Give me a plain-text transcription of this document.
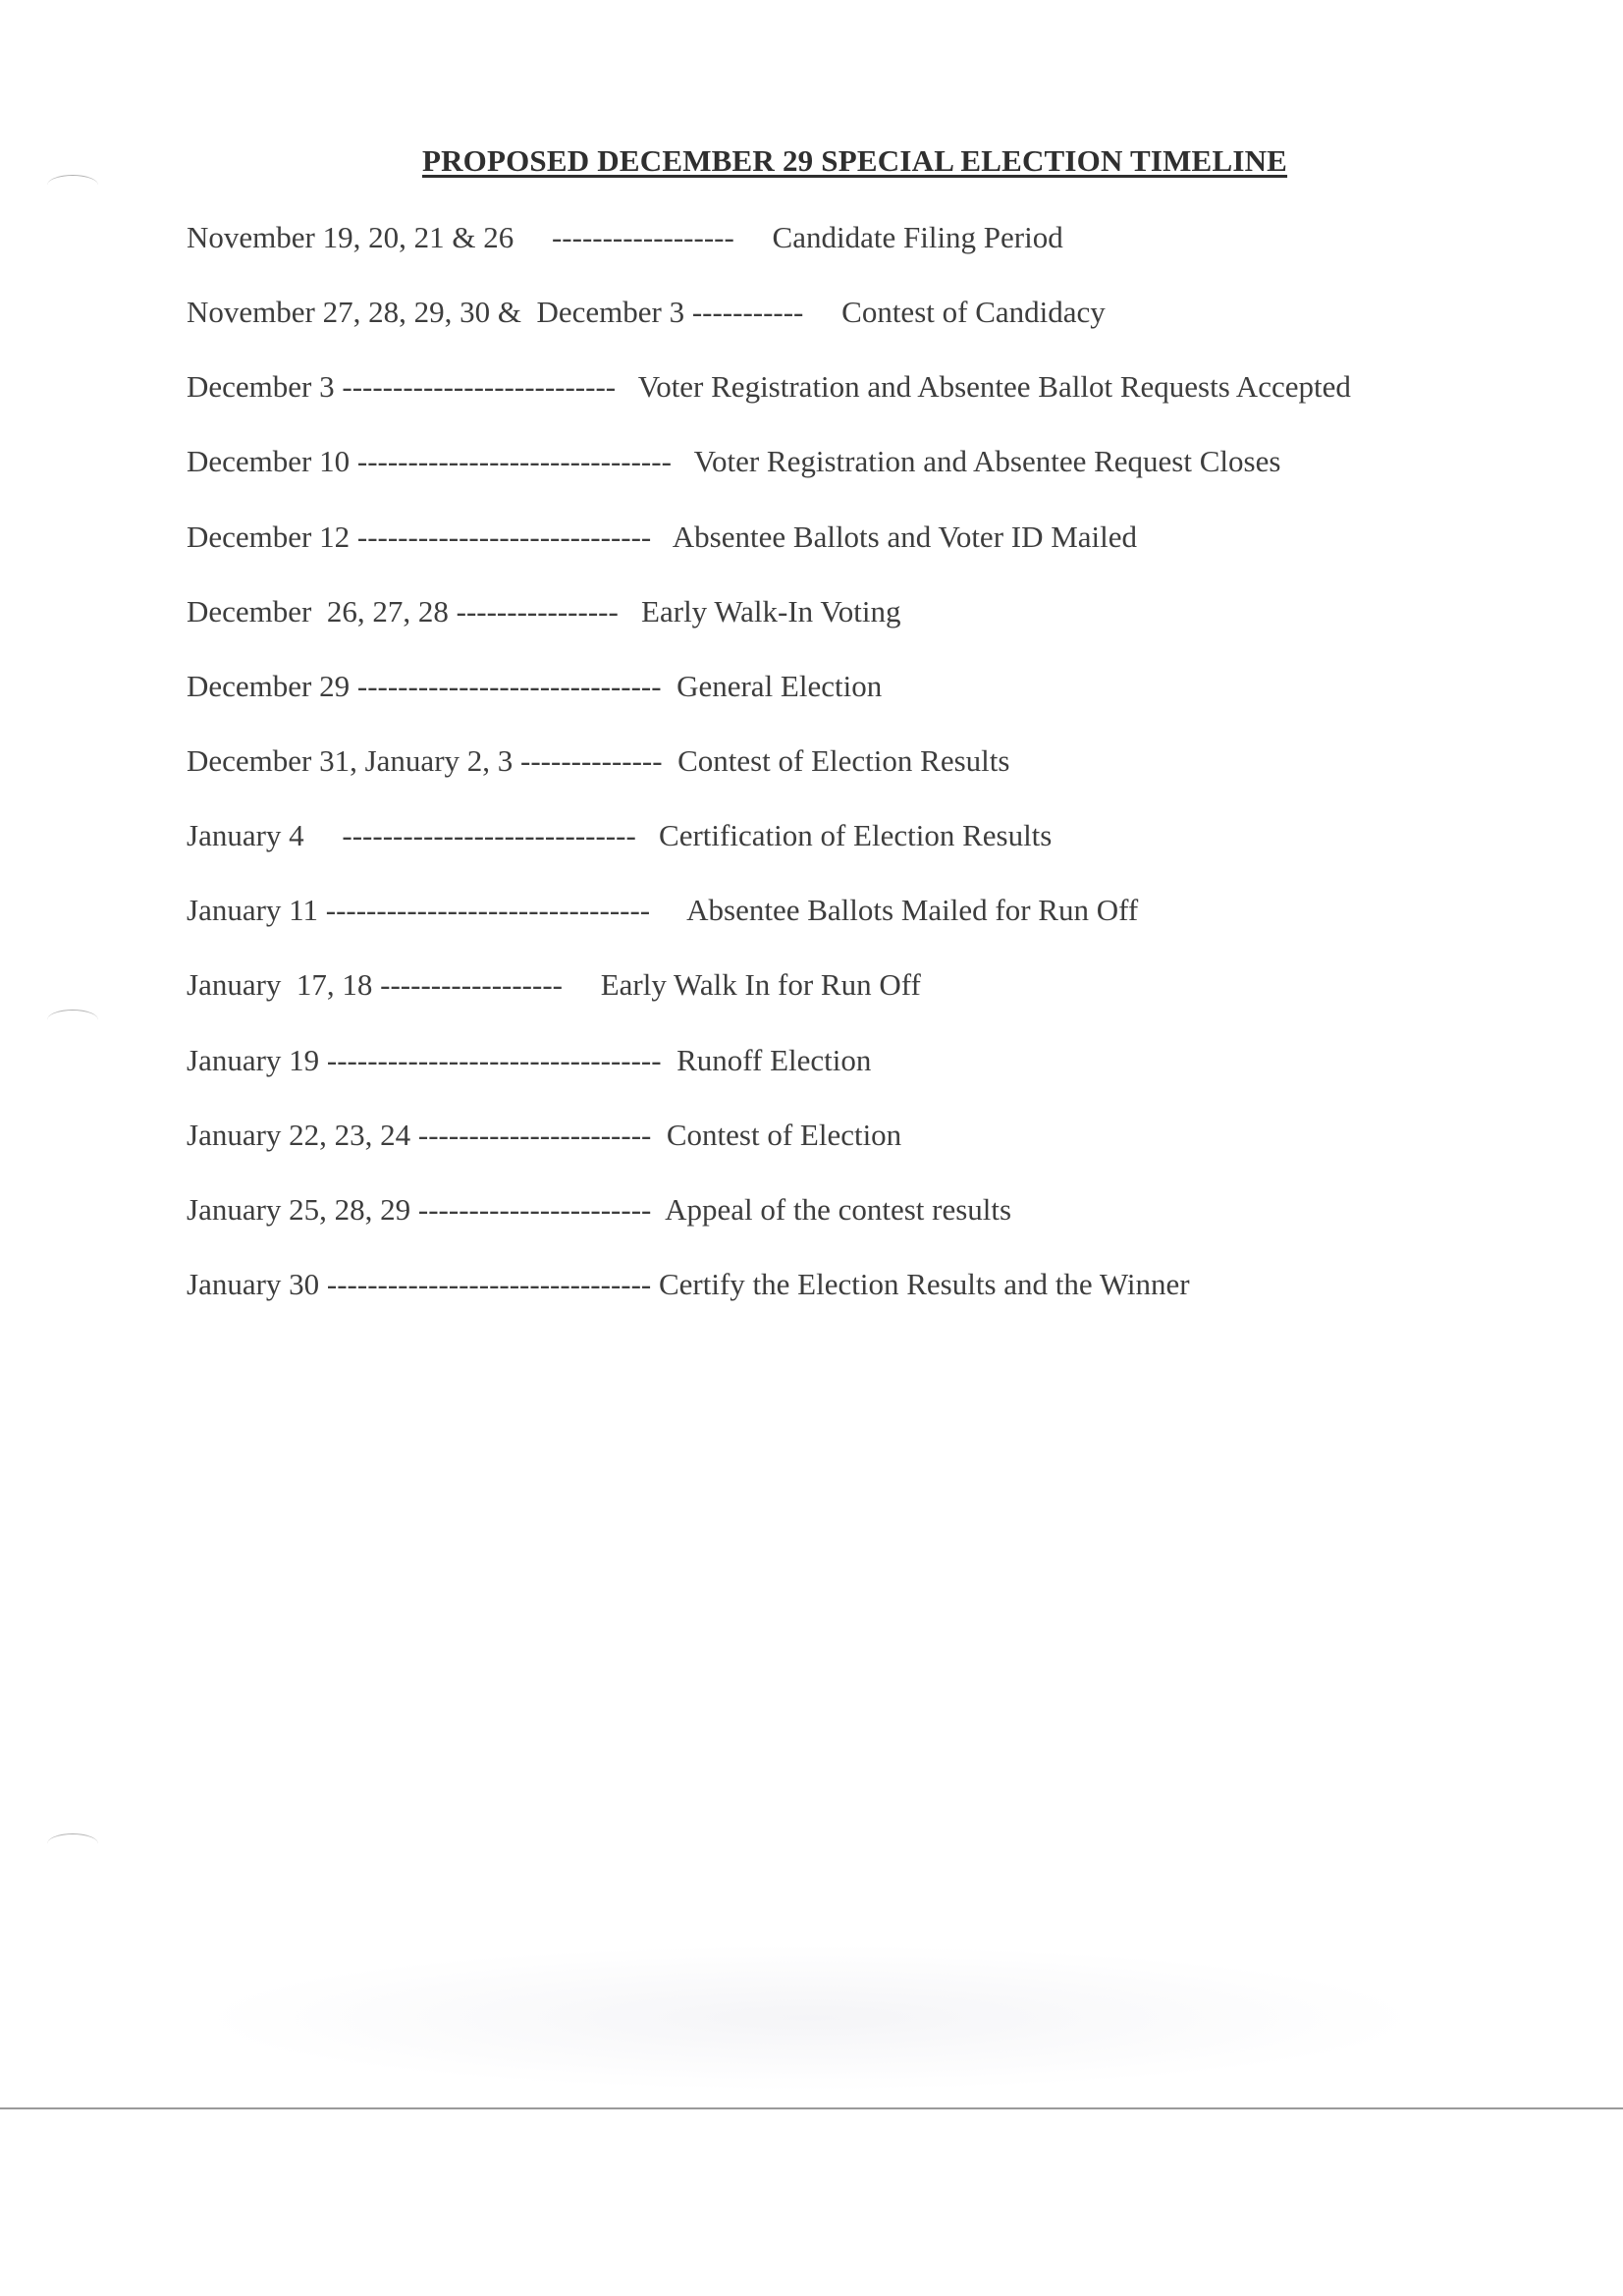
PROPOSED DECEMBER 29 SPECIAL ELECTION TIMELINE
November 19, 20, 21 & 26     ------------------     Candidate Filing Period
November 27, 28, 29, 30 &  December 3 -----------     Contest of Candidacy
December 3 ---------------------------   Voter Registration and Absentee Ballot Requests Accepted
December 10 -------------------------------   Voter Registration and Absentee Request Closes
December 12 -----------------------------   Absentee Ballots and Voter ID Mailed
December  26, 27, 28 ----------------   Early Walk-In Voting
December 29 ------------------------------  General Election
December 31, January 2, 3 --------------  Contest of Election Results
January 4     -----------------------------   Certification of Election Results
January 11 --------------------------------     Absentee Ballots Mailed for Run Off
January  17, 18 ------------------     Early Walk In for Run Off
January 19 ---------------------------------  Runoff Election
January 22, 23, 24 -----------------------  Contest of Election
January 25, 28, 29 -----------------------  Appeal of the contest results
January 30 -------------------------------- Certify the Election Results and the Winner
